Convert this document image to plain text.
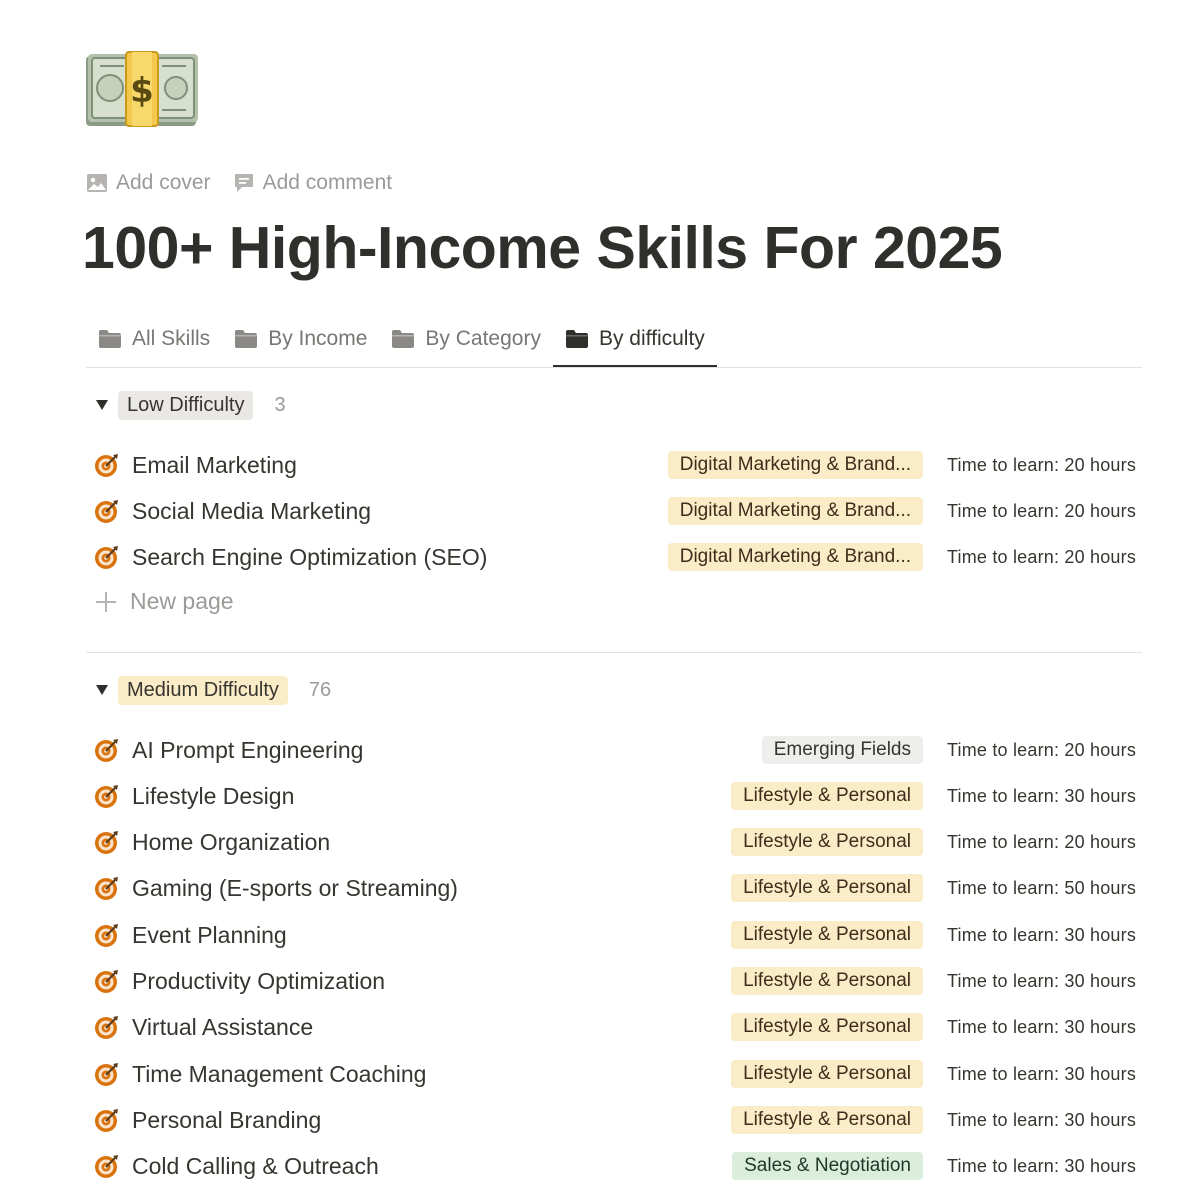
$
Add cover Add comment
100+ High-Income Skills For 2025
All Skills	By Income	By Category	By difficulty
Low Difficulty	3
Email Marketing	Digital Marketing & Brand...	Time to learn: 20 hours
Social Media Marketing	Digital Marketing & Brand...	Time to learn: 20 hours
Search Engine Optimization (SEO)	Digital Marketing & Brand...	Time to learn: 20 hours
New page
Medium Difficulty	76
AI Prompt Engineering	Emerging Fields	Time to learn: 20 hours
Lifestyle Design	Lifestyle & Personal	Time to learn: 30 hours
Home Organization	Lifestyle & Personal	Time to learn: 20 hours
Gaming (E-sports or Streaming)	Lifestyle & Personal	Time to learn: 50 hours
Event Planning	Lifestyle & Personal	Time to learn: 30 hours
Productivity Optimization	Lifestyle & Personal	Time to learn: 30 hours
Virtual Assistance	Lifestyle & Personal	Time to learn: 30 hours
Time Management Coaching	Lifestyle & Personal	Time to learn: 30 hours
Personal Branding	Lifestyle & Personal	Time to learn: 30 hours
Cold Calling & Outreach	Sales & Negotiation	Time to learn: 30 hours
